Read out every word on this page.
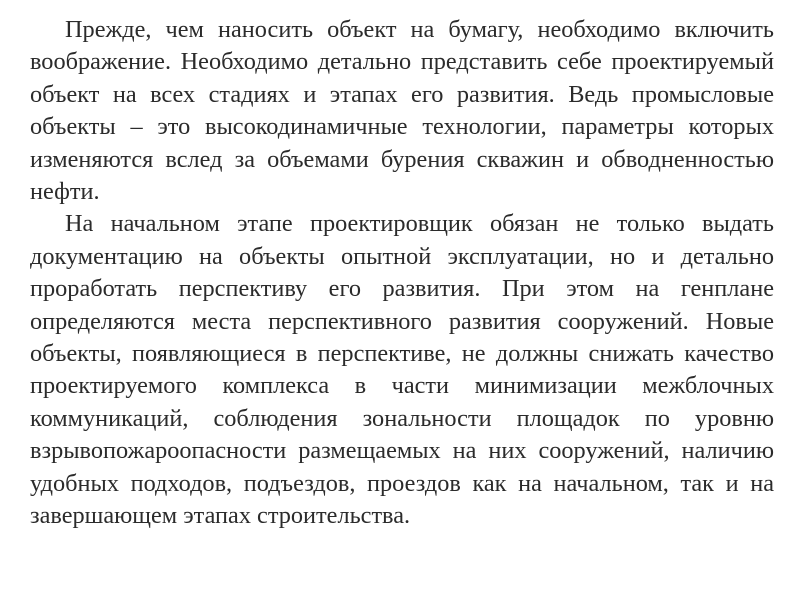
Прежде, чем наносить объект на бумагу, необходимо включить воображение. Необходимо детально представить себе проектируемый объект на всех стадиях и этапах его развития. Ведь промысловые объекты – это высокодинамичные технологии, параметры которых изменяются вслед за объемами бурения скважин и обводненностью нефти.

На начальном этапе проектировщик обязан не только выдать документацию на объекты опытной эксплуатации, но и детально проработать перспективу его развития. При этом на генплане определяются места перспективного развития сооружений. Новые объекты, появляющиеся в перспективе, не должны снижать качество проектируемого комплекса в части минимизации межблочных коммуникаций, соблюдения зональности площадок по уровню взрывопожароопасности размещаемых на них сооружений, наличию удобных подходов, подъездов, проездов как на начальном, так и на завершающем этапах строительства.
